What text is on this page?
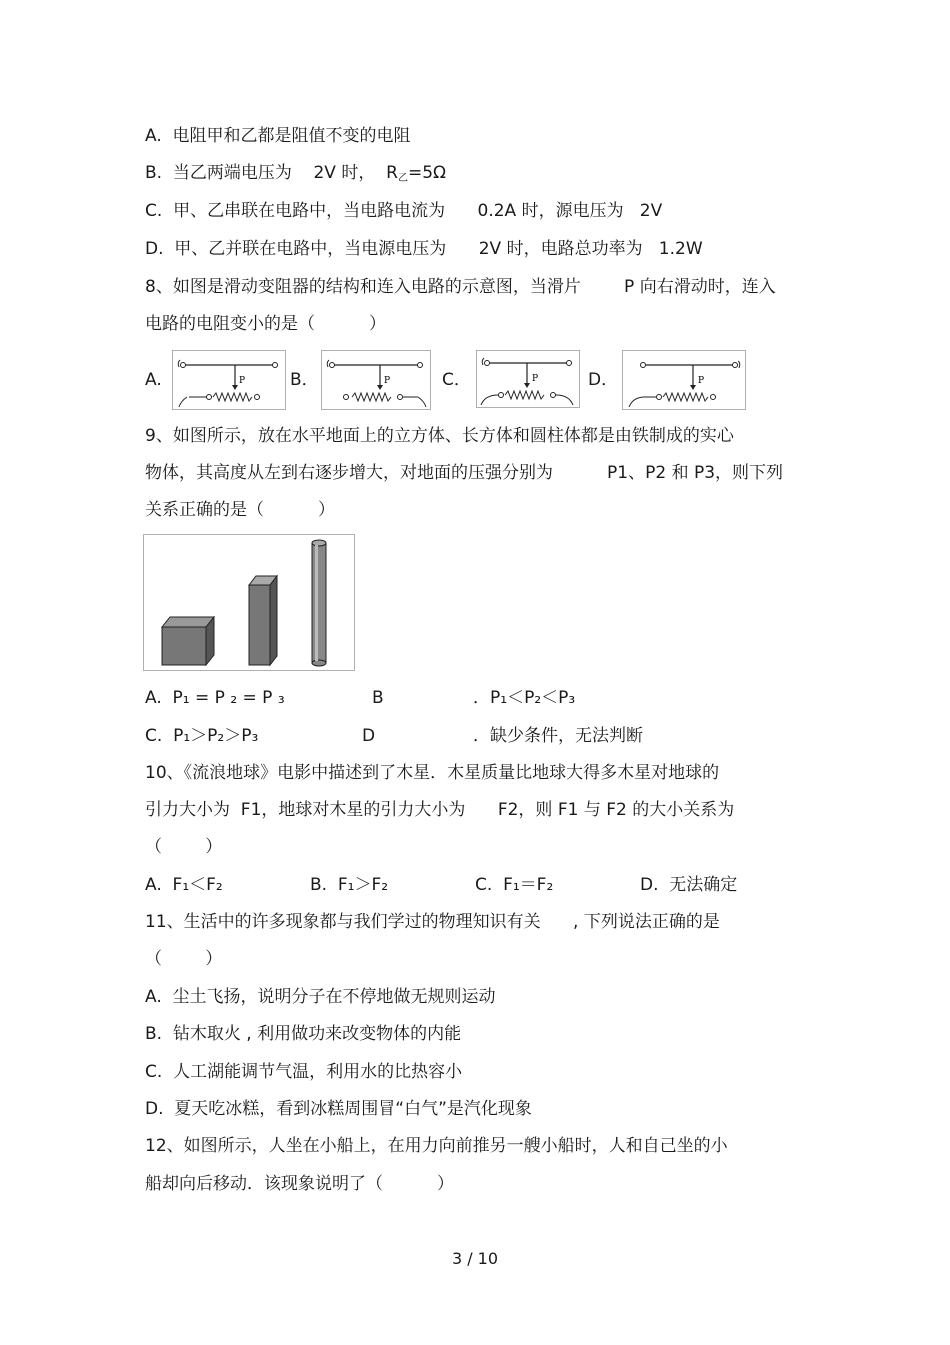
A.  电阻甲和乙都是阻值不变的电阻
B.  当乙两端电压为    2V 时，  R乙=5Ω
C.  甲、乙串联在电路中，当电路电流为      0.2A 时，源电压为   2V
D.  甲、乙并联在电路中，当电源电压为      2V 时，电路总功率为   1.2W
8、如图是滑动变阻器的结构和连入电路的示意图，当滑片        P 向右滑动时，连入
电路的电阻变小的是（          ）
A.	P	B．	P	C．	P	D．	P
9、如图所示，放在水平地面上的立方体、长方体和圆柱体都是由铁制成的实心
物体，其高度从左到右逐步增大，对地面的压强分别为          P1、P2 和 P3，则下列
关系正确的是（          ）
A.  P₁ = P ₂ = P ₃	B	．P₁＜P₂＜P₃
C.  P₁＞P₂＞P₃	D	．缺少条件，无法判断
10、《流浪地球》电影中描述到了木星．木星质量比地球大得多木星对地球的
引力大小为  F1，地球对木星的引力大小为      F2，则 F1 与 F2 的大小关系为
（        ）
A.  F₁＜F₂	B.  F₁＞F₂	C.  F₁＝F₂	D.  无法确定
11、生活中的许多现象都与我们学过的物理知识有关      , 下列说法正确的是
（        ）
A.  尘土飞扬，说明分子在不停地做无规则运动
B.  钻木取火 , 利用做功来改变物体的内能
C.  人工湖能调节气温，利用水的比热容小
D.  夏天吃冰糕，看到冰糕周围冒“白气”是汽化现象
12、如图所示，人坐在小船上，在用力向前推另一艘小船时，人和自己坐的小
船却向后移动．该现象说明了（          ）
3 / 10
